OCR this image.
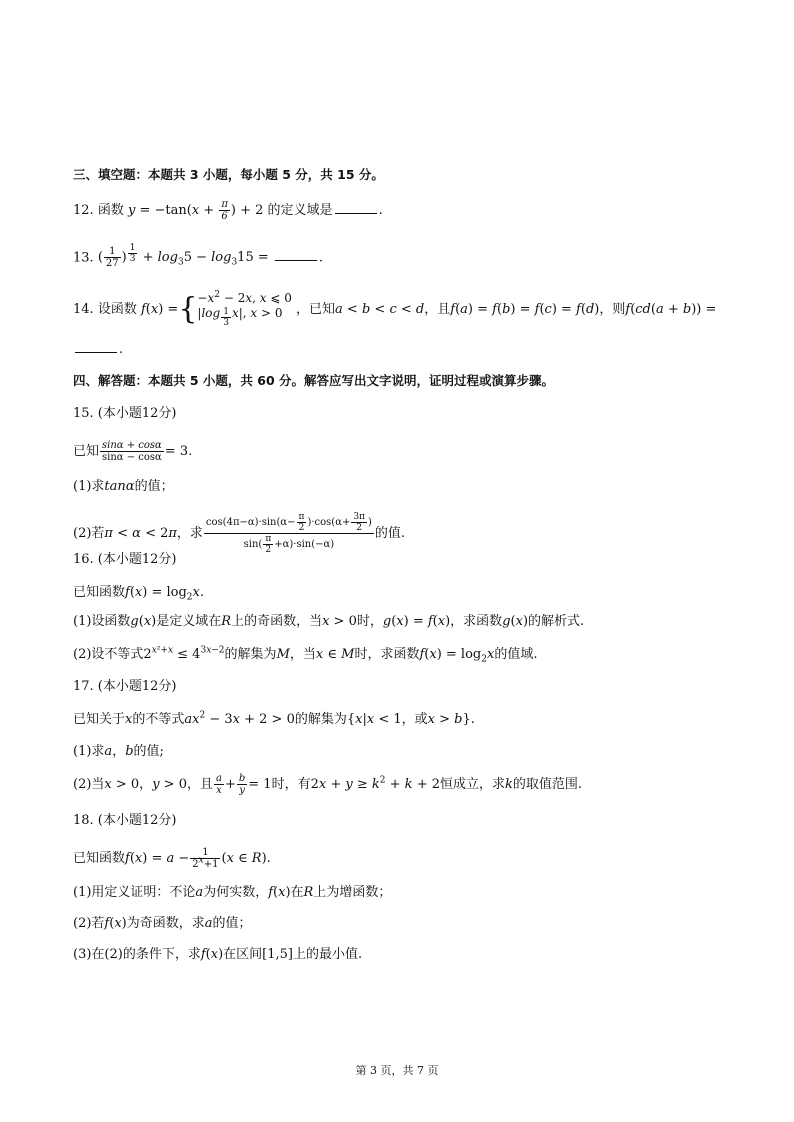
三、填空题：本题共 3 小题，每小题 5 分，共 15 分。
12. 函数 $y = -\tan(x + \frac{\pi}{6}$ ) + 2 的定义域是	.
13. ( $\frac{1}{27}$ ) $^{\frac{1}{3}} + \log_35 - \log_315$ =	.
14. 设函数 f(x) ={ $-x^2 - 2x$, x ⩽ 0
|log $_{\frac{1}{3}}$ x|, x > 0	，已知a < b < c < d，且f(a) = f(b) = f(c) = f(d)，则f(cd(a + b)) =
.
四、解答题：本题共 5 小题，共 60 分。解答应写出文字说明，证明过程或演算步骤。
15. (本小题12分)
已知 $\frac{\sin\alpha + \cos\alpha}{\sin\alpha - \cos\alpha} = 3$.
(1)求tanα的值；
(2)若π < α < 2π，求 $\frac{\cos(4\pi-\alpha)\cdot\sin(\alpha- \frac{\pi}{2} )\cdot\cos(\alpha+ \frac{3\pi}{2} )}{\sin( \frac{\pi}{2} +\alpha)\cdot\sin(-\alpha)}$ 的值.
16. (本小题12分)
已知函数$f(x) = \log_2x$.
(1)设函数g(x)是定义域在R上的奇函数，当x > 0时，g(x) = f(x)，求函数g(x)的解析式.
(2)设不等式$2^{x^2+x} \le 4^{3x-2}$的解集为M，当x ∈ M时，求函数$f(x) = \log_2x$的值域.
17. (本小题12分)
已知关于x的不等式$ax^2 - 3x + 2 > 0$的解集为{x|x < 1，或x > b}.
(1)求a，b的值;
(2)当x > 0，y > 0，且 $\frac{a}{x} + \frac{b}{y} = 1$时，有$2x + y \ge k^2 + k + 2$恒成立，求k的取值范围.
18. (本小题12分)
已知函数$f(x) = a - \frac{1}{2^x+1} (x$ ∈ R).
(1)用定义证明：不论a为何实数，f(x)在R上为增函数；
(2)若f(x)为奇函数，求a的值；
(3)在(2)的条件下，求f(x)在区间[1,5]上的最小值.
第 3 页，共 7 页
